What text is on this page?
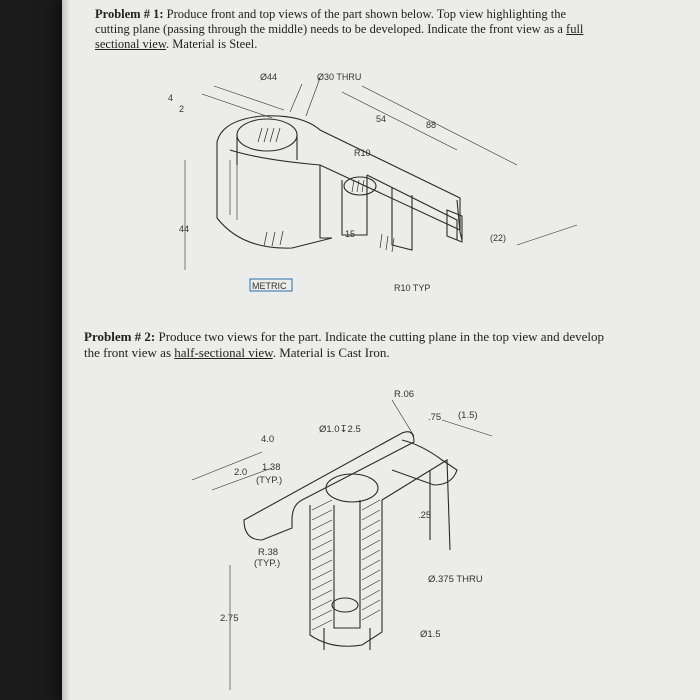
Problem # 1: Produce front and top views of the part shown below. Top view highlighting the cutting plane (passing through the middle) needs to be developed. Indicate the front view as a full sectional view. Material is Steel.
Ø44	Ø30 THRU
4
2
54
88
R10
44	15	(22)
METRIC	R10 TYP
Problem # 2: Produce two views for the part. Indicate the cutting plane in the top view and develop the front view as half-sectional view. Material is Cast Iron.
R.06
.75 (1.5)
Ø1.0↧2.5
4.0
2.0 1.38
(TYP.)
.25
R.38
(TYP.)
Ø.375 THRU
2.75
Ø1.5
